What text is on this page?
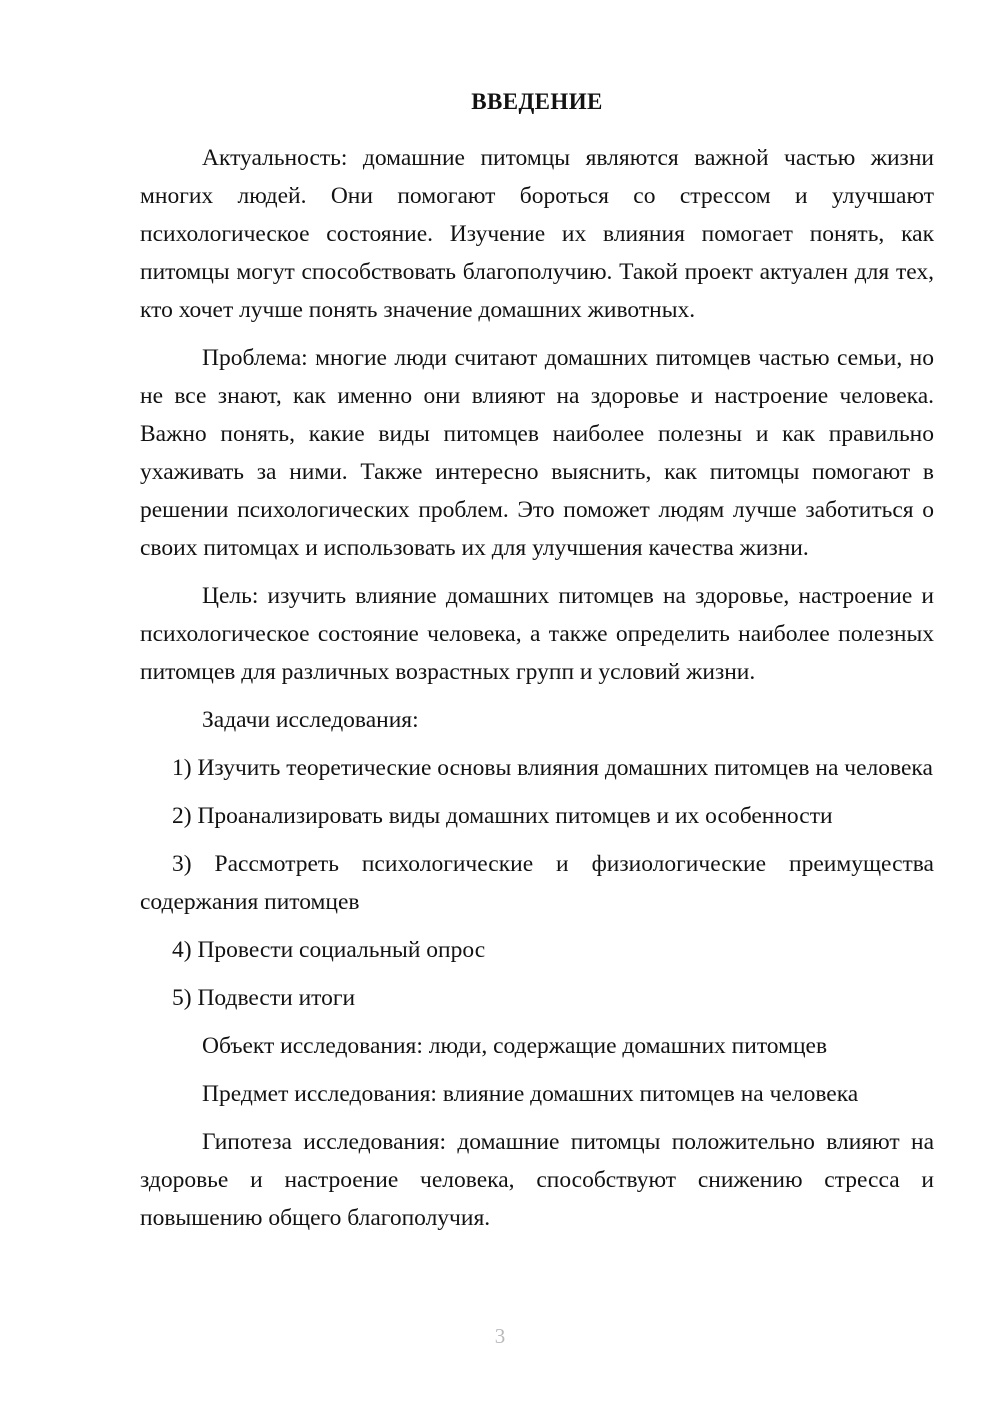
ВВЕДЕНИЕ

Актуальность: домашние питомцы являются важной частью жизни многих людей. Они помогают бороться со стрессом и улучшают психологическое состояние. Изучение их влияния помогает понять, как питомцы могут способствовать благополучию. Такой проект актуален для тех, кто хочет лучше понять значение домашних животных.

Проблема: многие люди считают домашних питомцев частью семьи, но не все знают, как именно они влияют на здоровье и настроение человека. Важно понять, какие виды питомцев наиболее полезны и как правильно ухаживать за ними. Также интересно выяснить, как питомцы помогают в решении психологических проблем. Это поможет людям лучше заботиться о своих питомцах и использовать их для улучшения качества жизни.

Цель: изучить влияние домашних питомцев на здоровье, настроение и психологическое состояние человека, а также определить наиболее полезных питомцев для различных возрастных групп и условий жизни.

Задачи исследования:

1) Изучить теоретические основы влияния домашних питомцев на человека

2) Проанализировать виды домашних питомцев и их особенности

3) Рассмотреть психологические и физиологические преимущества содержания питомцев

4) Провести социальный опрос

5) Подвести итоги

Объект исследования: люди, содержащие домашних питомцев

Предмет исследования: влияние домашних питомцев на человека

Гипотеза исследования: домашние питомцы положительно влияют на здоровье и настроение человека, способствуют снижению стресса и повышению общего благополучия.

3
